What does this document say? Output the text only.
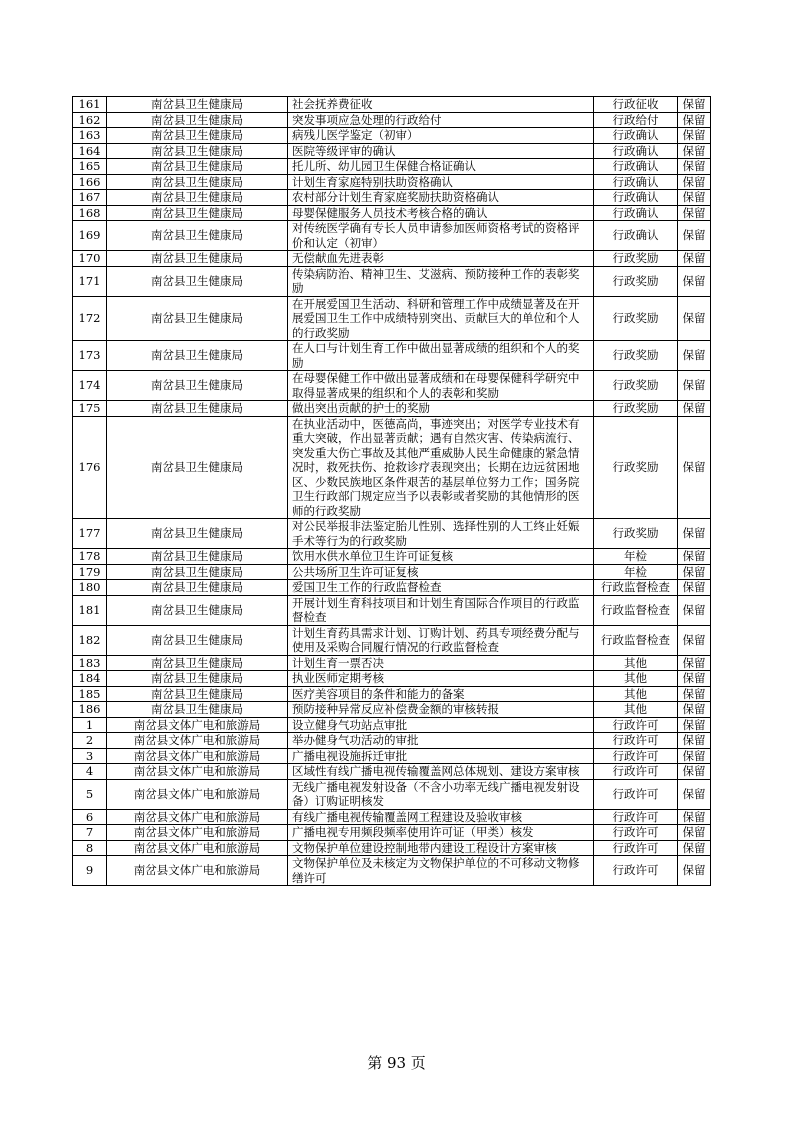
161	南岔县卫生健康局	社会抚养费征收	行政征收	保留
162	南岔县卫生健康局	突发事项应急处理的行政给付	行政给付	保留
163	南岔县卫生健康局	病残儿医学鉴定（初审）	行政确认	保留
164	南岔县卫生健康局	医院等级评审的确认	行政确认	保留
165	南岔县卫生健康局	托儿所、幼儿园卫生保健合格证确认	行政确认	保留
166	南岔县卫生健康局	计划生育家庭特别扶助资格确认	行政确认	保留
167	南岔县卫生健康局	农村部分计划生育家庭奖励扶助资格确认	行政确认	保留
168	南岔县卫生健康局	母婴保健服务人员技术考核合格的确认	行政确认	保留
169	南岔县卫生健康局	对传统医学确有专长人员申请参加医师资格考试的资格评价和认定（初审）	行政确认	保留
170	南岔县卫生健康局	无偿献血先进表彰	行政奖励	保留
171	南岔县卫生健康局	传染病防治、精神卫生、艾滋病、预防接种工作的表彰奖励	行政奖励	保留
172	南岔县卫生健康局	在开展爱国卫生活动、科研和管理工作中成绩显著及在开展爱国卫生工作中成绩特别突出、贡献巨大的单位和个人的行政奖励	行政奖励	保留
173	南岔县卫生健康局	在人口与计划生育工作中做出显著成绩的组织和个人的奖励	行政奖励	保留
174	南岔县卫生健康局	在母婴保健工作中做出显著成绩和在母婴保健科学研究中取得显著成果的组织和个人的表彰和奖励	行政奖励	保留
175	南岔县卫生健康局	做出突出贡献的护士的奖励	行政奖励	保留
176	南岔县卫生健康局	在执业活动中，医德高尚，事迹突出；对医学专业技术有重大突破，作出显著贡献；遇有自然灾害、传染病流行、突发重大伤亡事故及其他严重威胁人民生命健康的紧急情况时，救死扶伤、抢救诊疗表现突出；长期在边远贫困地区、少数民族地区条件艰苦的基层单位努力工作；国务院卫生行政部门规定应当予以表彰或者奖励的其他情形的医师的行政奖励	行政奖励	保留
177	南岔县卫生健康局	对公民举报非法鉴定胎儿性别、选择性别的人工终止妊娠手术等行为的行政奖励	行政奖励	保留
178	南岔县卫生健康局	饮用水供水单位卫生许可证复核	年检	保留
179	南岔县卫生健康局	公共场所卫生许可证复核	年检	保留
180	南岔县卫生健康局	爱国卫生工作的行政监督检查	行政监督检查	保留
181	南岔县卫生健康局	开展计划生育科技项目和计划生育国际合作项目的行政监督检查	行政监督检查	保留
182	南岔县卫生健康局	计划生育药具需求计划、订购计划、药具专项经费分配与使用及采购合同履行情况的行政监督检查	行政监督检查	保留
183	南岔县卫生健康局	计划生育一票否决	其他	保留
184	南岔县卫生健康局	执业医师定期考核	其他	保留
185	南岔县卫生健康局	医疗美容项目的条件和能力的备案	其他	保留
186	南岔县卫生健康局	预防接种异常反应补偿费金额的审核转报	其他	保留
1	南岔县文体广电和旅游局	设立健身气功站点审批	行政许可	保留
2	南岔县文体广电和旅游局	举办健身气功活动的审批	行政许可	保留
3	南岔县文体广电和旅游局	广播电视设施拆迁审批	行政许可	保留
4	南岔县文体广电和旅游局	区域性有线广播电视传输覆盖网总体规划、建设方案审核	行政许可	保留
5	南岔县文体广电和旅游局	无线广播电视发射设备（不含小功率无线广播电视发射设备）订购证明核发	行政许可	保留
6	南岔县文体广电和旅游局	有线广播电视传输覆盖网工程建设及验收审核	行政许可	保留
7	南岔县文体广电和旅游局	广播电视专用频段频率使用许可证（甲类）核发	行政许可	保留
8	南岔县文体广电和旅游局	文物保护单位建设控制地带内建设工程设计方案审核	行政许可	保留
9	南岔县文体广电和旅游局	文物保护单位及未核定为文物保护单位的不可移动文物修缮许可	行政许可	保留
第 93 页
